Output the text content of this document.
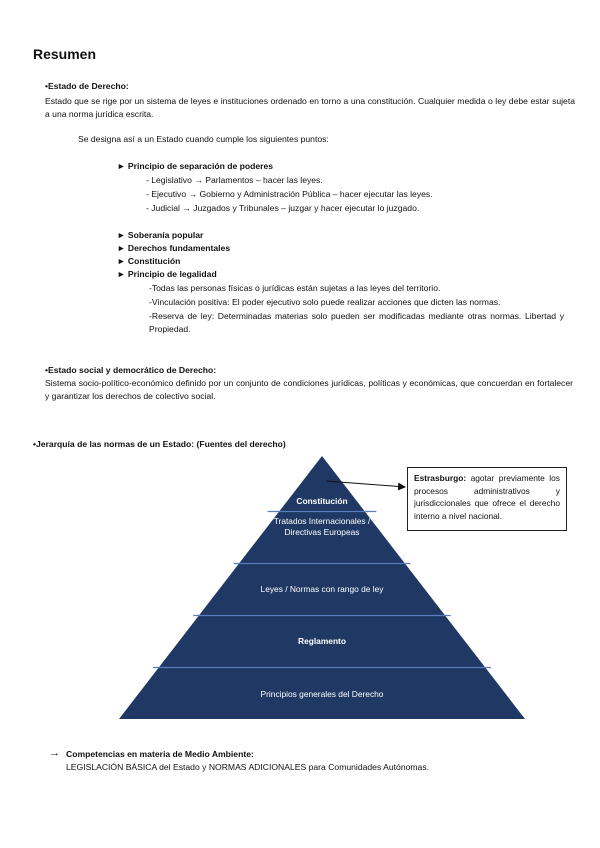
Resumen
•Estado de Derecho:
Estado que se rige por un sistema de leyes e instituciones ordenado en torno a una constitución. Cualquier medida o ley debe estar sujeta a una norma jurídica escrita.
Se designa así a un Estado cuando cumple los siguientes puntos:
► Principio de separación de poderes
- Legislativo → Parlamentos – hacer las leyes.
- Ejecutivo → Gobierno y Administración Pública – hacer ejecutar las leyes.
- Judicial → Juzgados y Tribunales – juzgar y hacer ejecutar lo juzgado.
► Soberanía popular
► Derechos fundamentales
► Constitución
► Principio de legalidad
-Todas las personas físicas o jurídicas están sujetas a las leyes del territorio.
-Vinculación positiva: El poder ejecutivo solo puede realizar acciones que dicten las normas.
-Reserva de ley: Determinadas materias solo pueden ser modificadas mediante otras normas. Libertad y Propiedad.
•Estado social y democrático de Derecho:
Sistema socio-político-económico definido por un conjunto de condiciones jurídicas, políticas y económicas, que concuerdan en fortalecer y garantizar los derechos de colectivo social.
•Jerarquía de las normas de un Estado: (Fuentes del derecho)
Constitución
Tratados Internacionales / Directivas Europeas
Leyes / Normas con rango de ley
Reglamento
Principios generales del Derecho
Estrasburgo: agotar previamente los procesos administrativos y jurisdiccionales que ofrece el derecho interno a nivel nacional.
→ Competencias en materia de Medio Ambiente:
LEGISLACIÓN BÁSICA del Estado y NORMAS ADICIONALES para Comunidades Autónomas.
